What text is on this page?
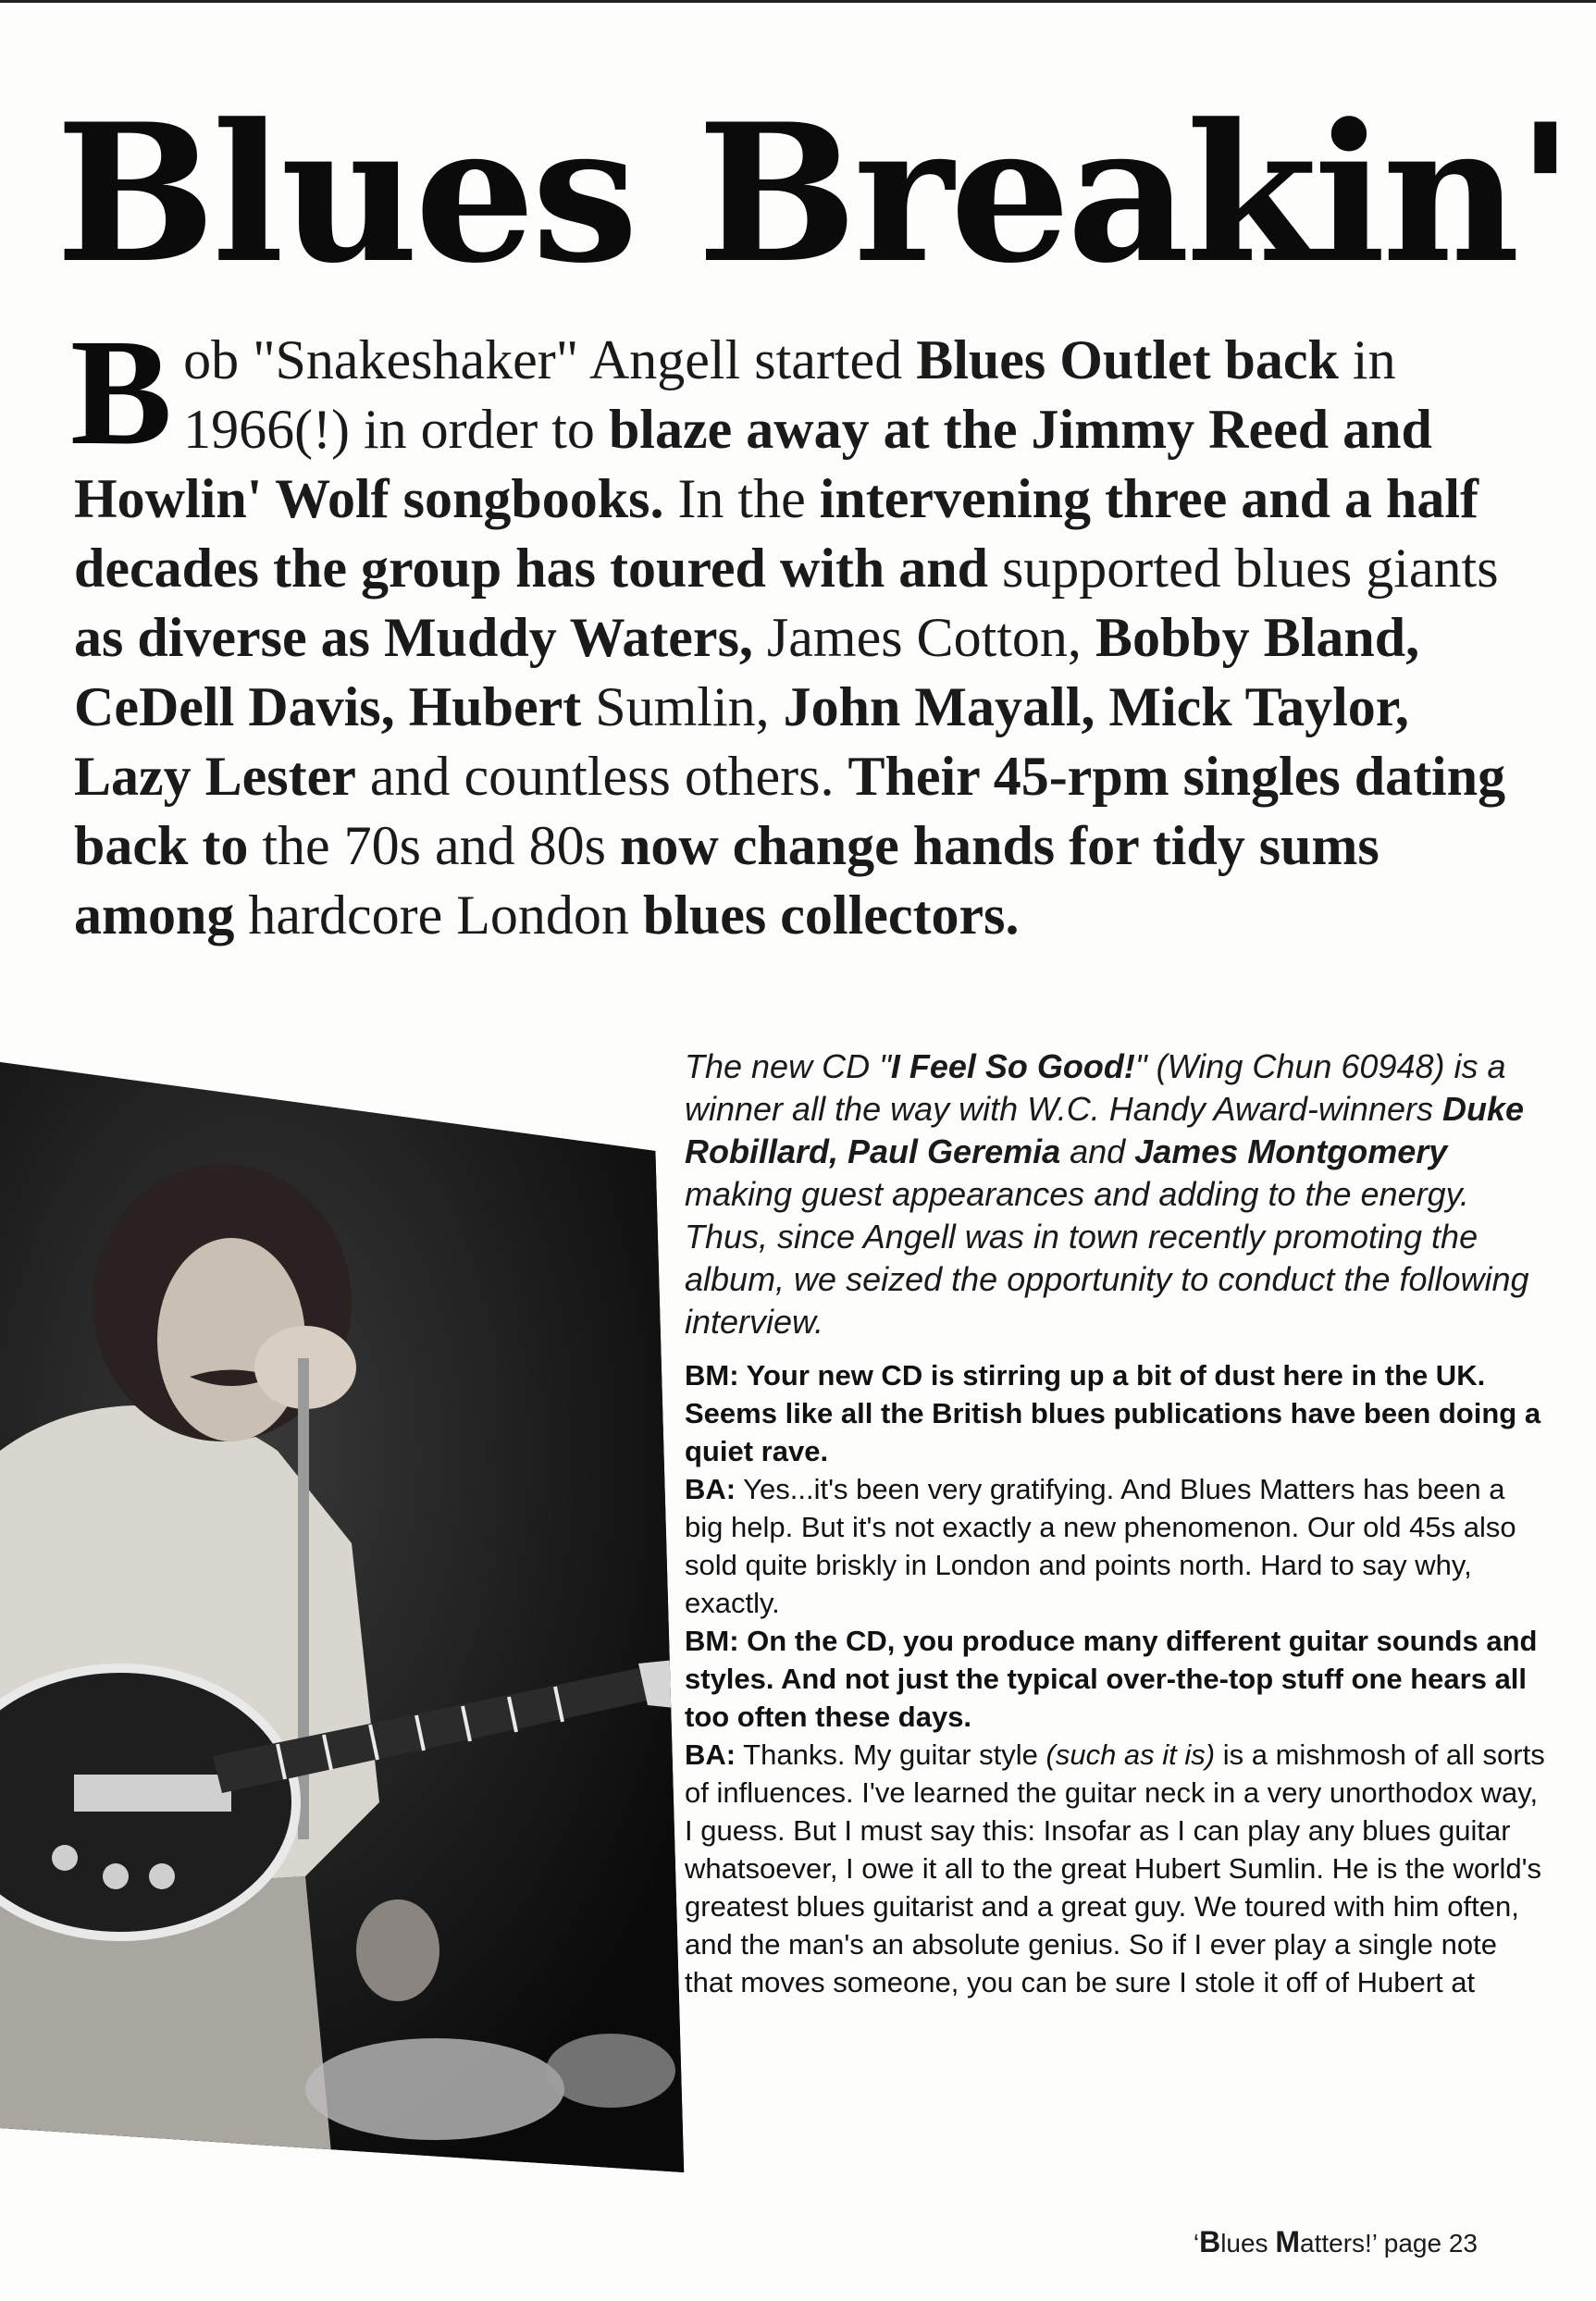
Blues Breakin'

Bob "Snakeshaker" Angell started Blues Outlet back in 1966(!) in order to blaze away at the Jimmy Reed and Howlin' Wolf songbooks. In the intervening three and a half decades the group has toured with and supported blues giants as diverse as Muddy Waters, James Cotton, Bobby Bland, CeDell Davis, Hubert Sumlin, John Mayall, Mick Taylor, Lazy Lester and countless others. Their 45-rpm singles dating back to the 70s and 80s now change hands for tidy sums among hardcore London blues collectors.

The new CD "I Feel So Good!" (Wing Chun 60948) is a winner all the way with W.C. Handy Award-winners Duke Robillard, Paul Geremia and James Montgomery making guest appearances and adding to the energy. Thus, since Angell was in town recently promoting the album, we seized the opportunity to conduct the following interview.

BM: Your new CD is stirring up a bit of dust here in the UK. Seems like all the British blues publications have been doing a quiet rave.

BA: Yes...it's been very gratifying. And Blues Matters has been a big help. But it's not exactly a new phenomenon. Our old 45s also sold quite briskly in London and points north. Hard to say why, exactly.

BM: On the CD, you produce many different guitar sounds and styles. And not just the typical over-the-top stuff one hears all too often these days.

BA: Thanks. My guitar style (such as it is) is a mishmosh of all sorts of influences. I've learned the guitar neck in a very unorthodox way, I guess. But I must say this: Insofar as I can play any blues guitar whatsoever, I owe it all to the great Hubert Sumlin. He is the world's greatest blues guitarist and a great guy. We toured with him often, and the man's an absolute genius. So if I ever play a single note that moves someone, you can be sure I stole it off of Hubert at

‘Blues Matters!’ page 23
